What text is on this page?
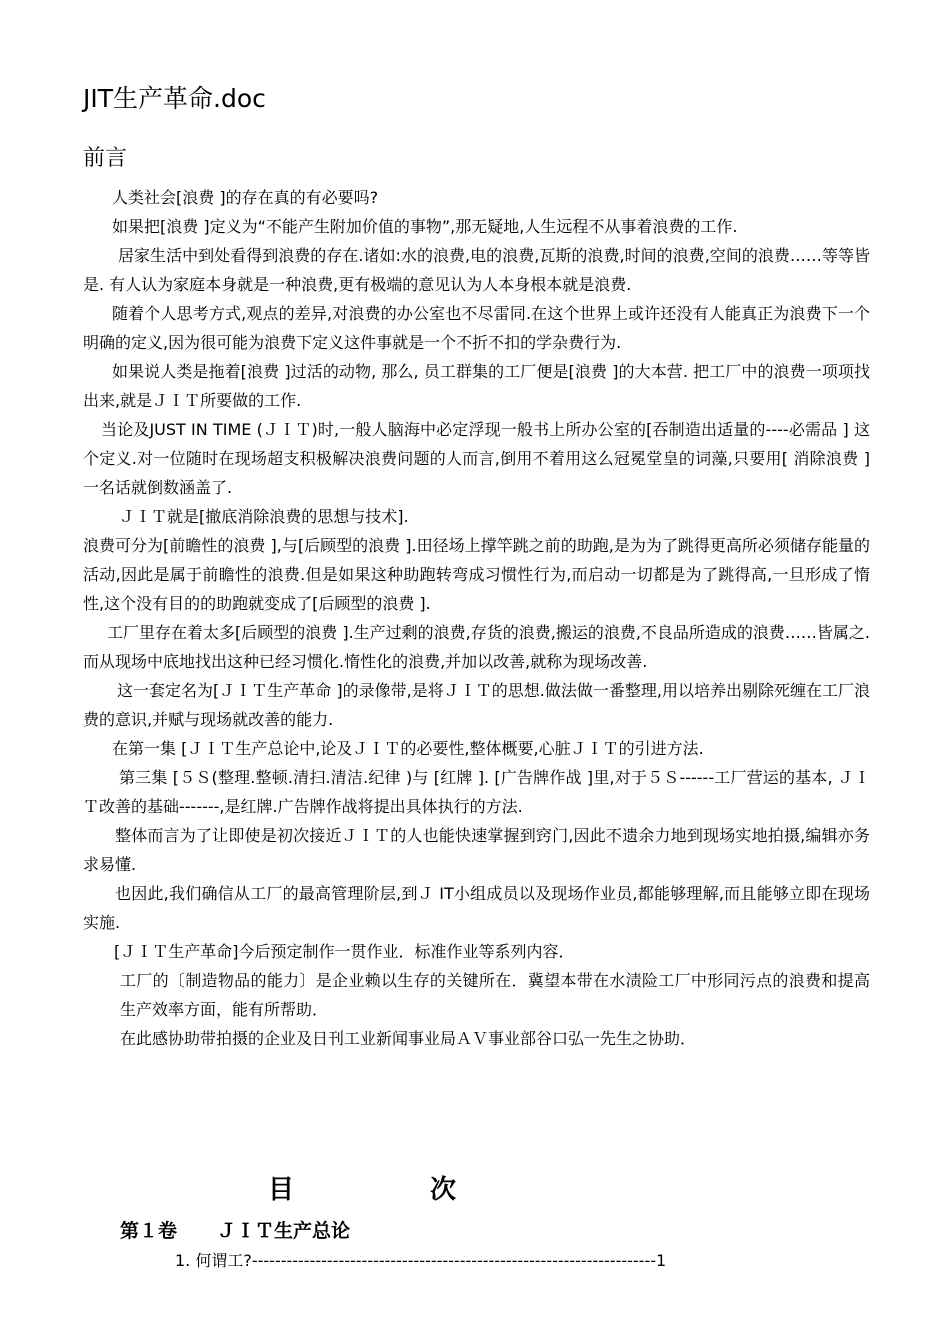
JIT生产革命.doc
前言

人类社会[浪费 ]的存在真的有必要吗?

如果把[浪费 ]定义为“不能产生附加价值的事物”,那无疑地,人生远程不从事着浪费的工作.

居家生活中到处看得到浪费的存在.诸如:水的浪费,电的浪费,瓦斯的浪费,时间的浪费,空间的浪费……等等皆是. 有人认为家庭本身就是一种浪费,更有极端的意见认为人本身根本就是浪费.

随着个人思考方式,观点的差异,对浪费的办公室也不尽雷同.在这个世界上或许还没有人能真正为浪费下一个明确的定义,因为很可能为浪费下定义这件事就是一个不折不扣的学杂费行为.

如果说人类是拖着[浪费 ]过活的动物, 那么, 员工群集的工厂便是[浪费 ]的大本营. 把工厂中的浪费一项项找出来,就是ＪＩＴ所要做的工作.

当论及JUST IN TIME (ＪＩＴ)时,一般人脑海中必定浮现一般书上所办公室的[吞制造出适量的----必需品 ] 这个定义.对一位随时在现场超支积极解决浪费问题的人而言,倒用不着用这么冠冕堂皇的词藻,只要用[ 消除浪费 ]一名话就倒数涵盖了.

ＪＩＴ就是[撤底消除浪费的思想与技术].

浪费可分为[前瞻性的浪费 ],与[后顾型的浪费 ].田径场上撑竿跳之前的助跑,是为为了跳得更高所必须储存能量的活动,因此是属于前瞻性的浪费.但是如果这种助跑转弯成习惯性行为,而启动一切都是为了跳得高,一旦形成了惰性,这个没有目的的助跑就变成了[后顾型的浪费 ].

工厂里存在着太多[后顾型的浪费 ].生产过剩的浪费,存货的浪费,搬运的浪费,不良品所造成的浪费……皆属之.而从现场中底地找出这种已经习惯化.惰性化的浪费,并加以改善,就称为现场改善.

这一套定名为[ＪＩＴ生产革命 ]的录像带,是将ＪＩＴ的思想.做法做一番整理,用以培养出剔除死缠在工厂浪费的意识,并赋与现场就改善的能力.

在第一集 [ＪＩＴ生产总论中,论及ＪＩＴ的必要性,整体概要,心脏ＪＩＴ的引进方法.

第三集 [５Ｓ(整理.整顿.清扫.清洁.纪律 )与 [红牌 ]. [广告牌作战 ]里,对于５Ｓ------工厂营运的基本, ＪＩＴ改善的基础-------,是红牌.广告牌作战将提出具体执行的方法.

整体而言为了让即使是初次接近ＪＩＴ的人也能快速掌握到窍门,因此不遗余力地到现场实地拍摄,编辑亦务求易懂.

也因此,我们确信从工厂的最高管理阶层,到Ｊ IT小组成员以及现场作业员,都能够理解,而且能够立即在现场实施.

[ＪＩＴ生产革命]今后预定制作一贯作业．标准作业等系列内容．

工厂的〔制造物品的能力〕是企业赖以生存的关键所在．冀望本带在水渍险工厂中形同污点的浪费和提高生产效率方面，能有所帮助．

在此感协助带拍摄的企业及日刊工业新闻事业局ＡＶ事业部谷口弘一先生之协助．

目	次
第１卷 ＪＩＴ生产总论
1. 何谓工?----------------------------------------------------------------------1
